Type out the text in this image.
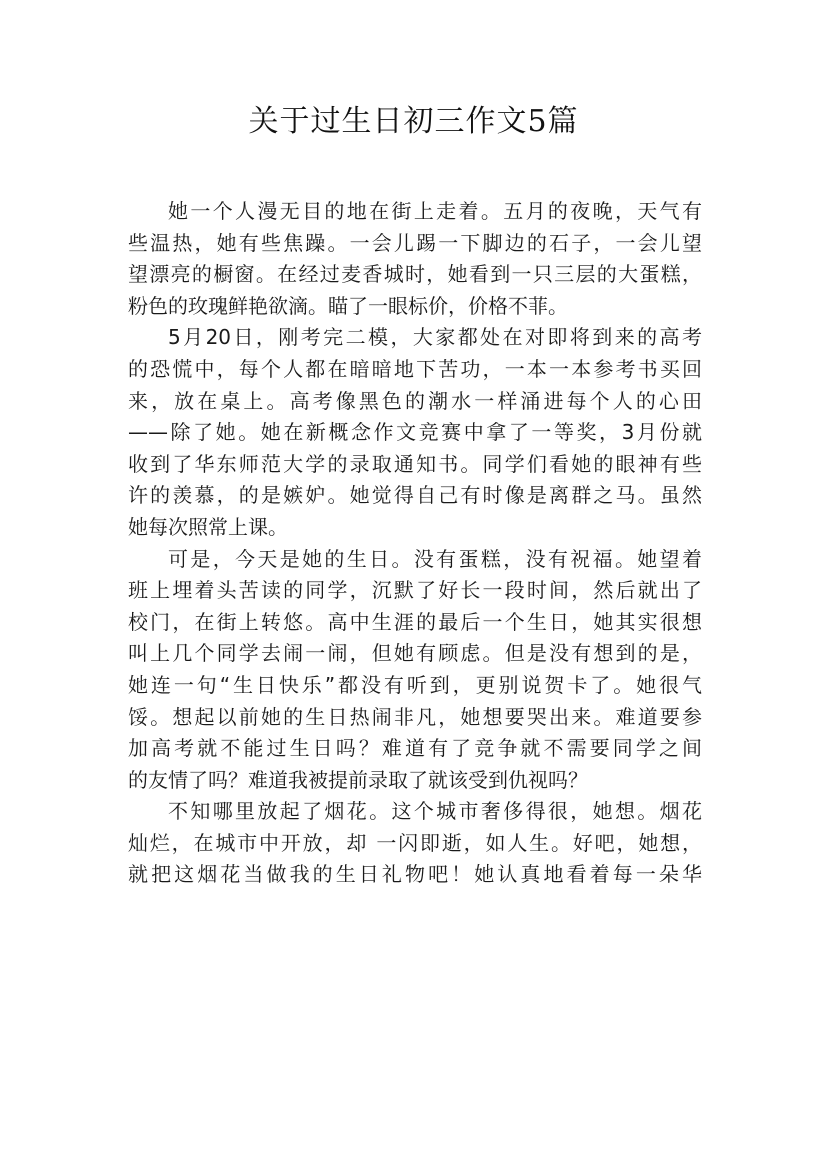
关于过生日初三作文5篇
她一个人漫无目的地在街上走着。五月的夜晚，天气有
些温热，她有些焦躁。一会儿踢一下脚边的石子，一会儿望
望漂亮的橱窗。在经过麦香城时，她看到一只三层的大蛋糕，
粉色的玫瑰鲜艳欲滴。瞄了一眼标价，价格不菲。
5月20日，刚考完二模，大家都处在对即将到来的高考
的恐慌中，每个人都在暗暗地下苦功，一本一本参考书买回
来，放在桌上。高考像黑色的潮水一样涌进每个人的心田
——除了她。她在新概念作文竞赛中拿了一等奖，3月份就
收到了华东师范大学的录取通知书。同学们看她的眼神有些
许的羡慕，的是嫉妒。她觉得自己有时像是离群之马。虽然
她每次照常上课。
可是，今天是她的生日。没有蛋糕，没有祝福。她望着
班上埋着头苦读的同学，沉默了好长一段时间，然后就出了
校门，在街上转悠。高中生涯的最后一个生日，她其实很想
叫上几个同学去闹一闹，但她有顾虑。但是没有想到的是，
她连一句“生日快乐”都没有听到，更别说贺卡了。她很气
馁。想起以前她的生日热闹非凡，她想要哭出来。难道要参
加高考就不能过生日吗？难道有了竞争就不需要同学之间
的友情了吗？难道我被提前录取了就该受到仇视吗？
不知哪里放起了烟花。这个城市奢侈得很，她想。烟花
灿烂，在城市中开放，却 一闪即逝，如人生。好吧，她想，
就把这烟花当做我的生日礼物吧！她认真地看着每一朵华
